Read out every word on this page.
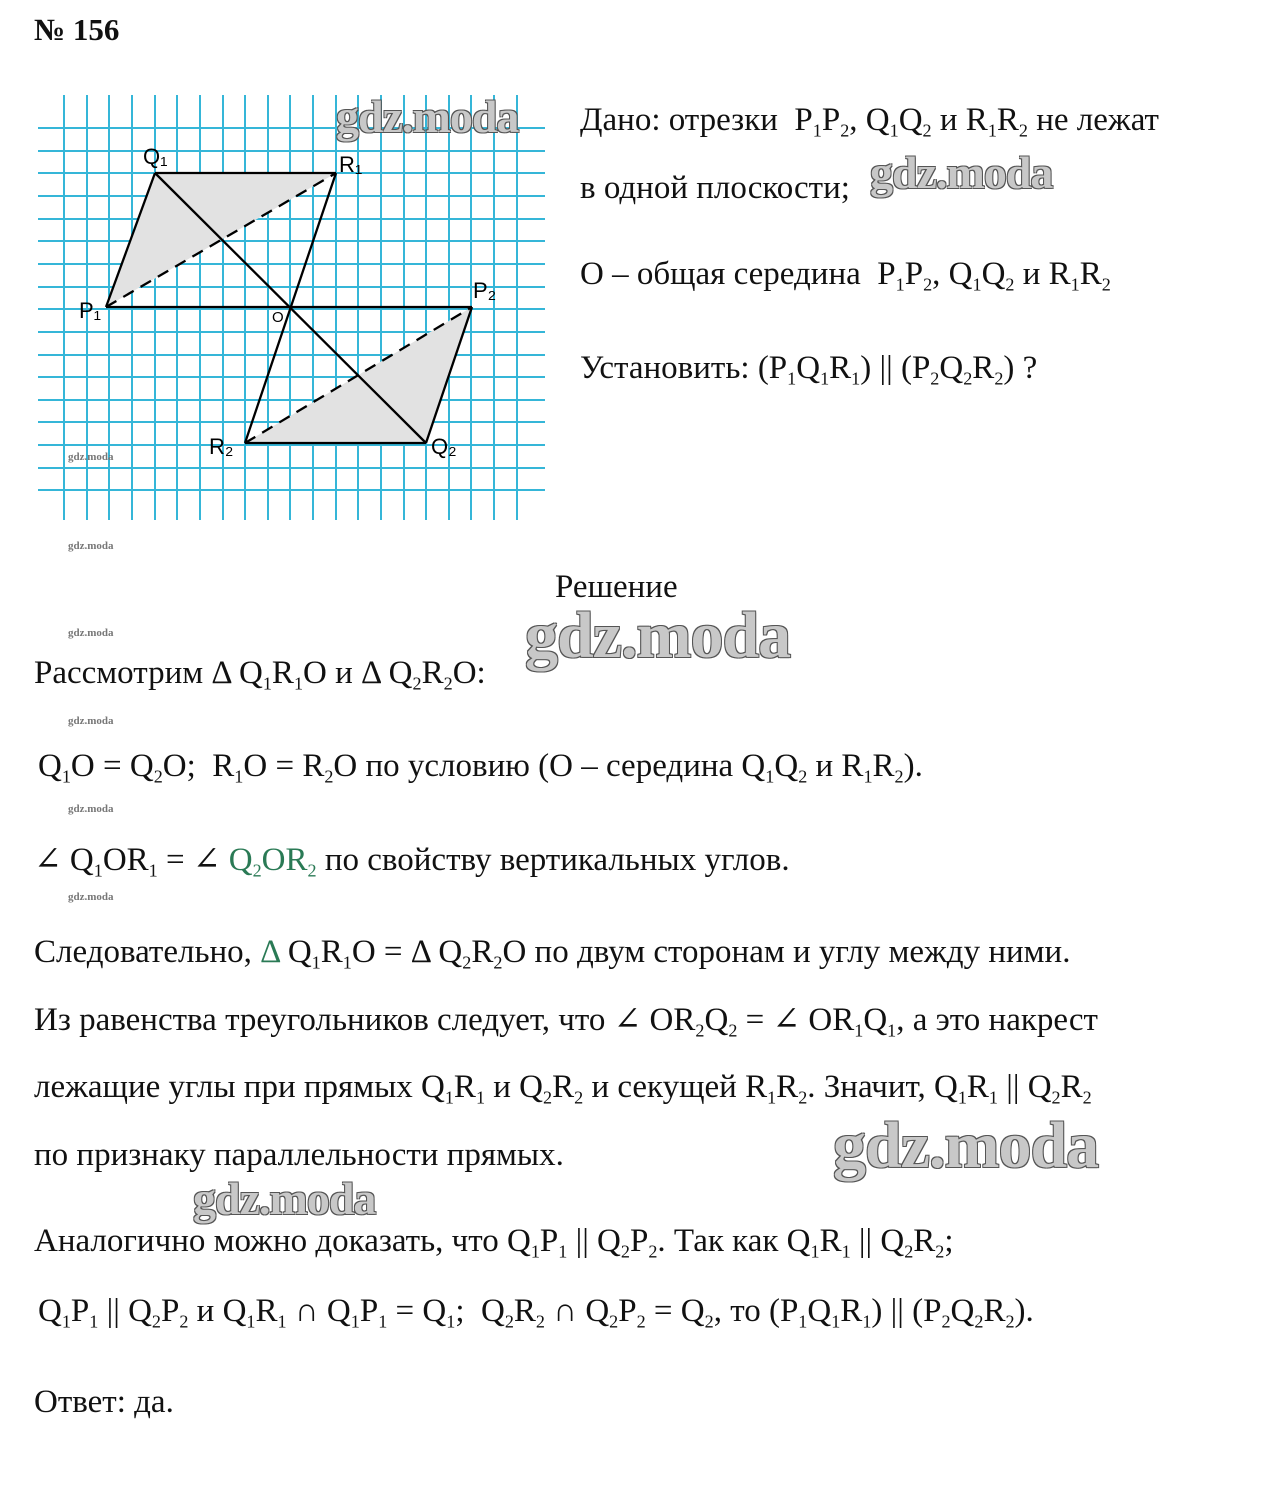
№ 156
Q₁	R₁
P₁
P₂
O
R₂	Q₂
Дано: отрезки  $P_1P_2$, $Q_1Q_2$ и $R_1R_2$ не лежат
в одной плоскости;
O – общая середина  $P_1P_2$, $Q_1Q_2$ и $R_1R_2$
Установить: $(P_1Q_1R_1)$ || $(P_2Q_2R_2)$ ?
Решение
Рассмотрим Δ $Q_1R_1O$ и Δ $Q_2R_2O$:
$Q_1O = Q_2O$;  $R_1O = R_2O$ по условию (O – середина $Q_1Q_2$ и $R_1R_2$).
∠ $Q_1OR_1$ = ∠ $Q_2OR_2$ по свойству вертикальных углов.
Следовательно, Δ $Q_1R_1O = \Delta$ $Q_2R_2O$ по двум сторонам и углу между ними.
Из равенства треугольников следует, что ∠ $OR_2Q_2$ = ∠ $OR_1Q_1$, а это накрест
лежащие углы при прямых $Q_1R_1$ и $Q_2R_2$ и секущей $R_1R_2$. Значит, $Q_1R_1$ || $Q_2R_2$
по признаку параллельности прямых.
Аналогично можно доказать, что $Q_1P_1$ || $Q_2P_2$. Так как $Q_1R_1$ || $Q_2R_2$;
$Q_1P_1$ || $Q_2P_2$ и $Q_1R_1$ ∩ $Q_1P_1 = Q_1$;  $Q_2R_2$ ∩ $Q_2P_2 = Q_2$, то $(P_1Q_1R_1)$ || $(P_2Q_2R_2)$.
Ответ: да.
gdz.moda
gdz.moda
gdz.moda
gdz.moda
gdz.moda
gdz.moda
gdz.moda
gdz.moda
gdz.moda
gdz.moda
gdz.moda
